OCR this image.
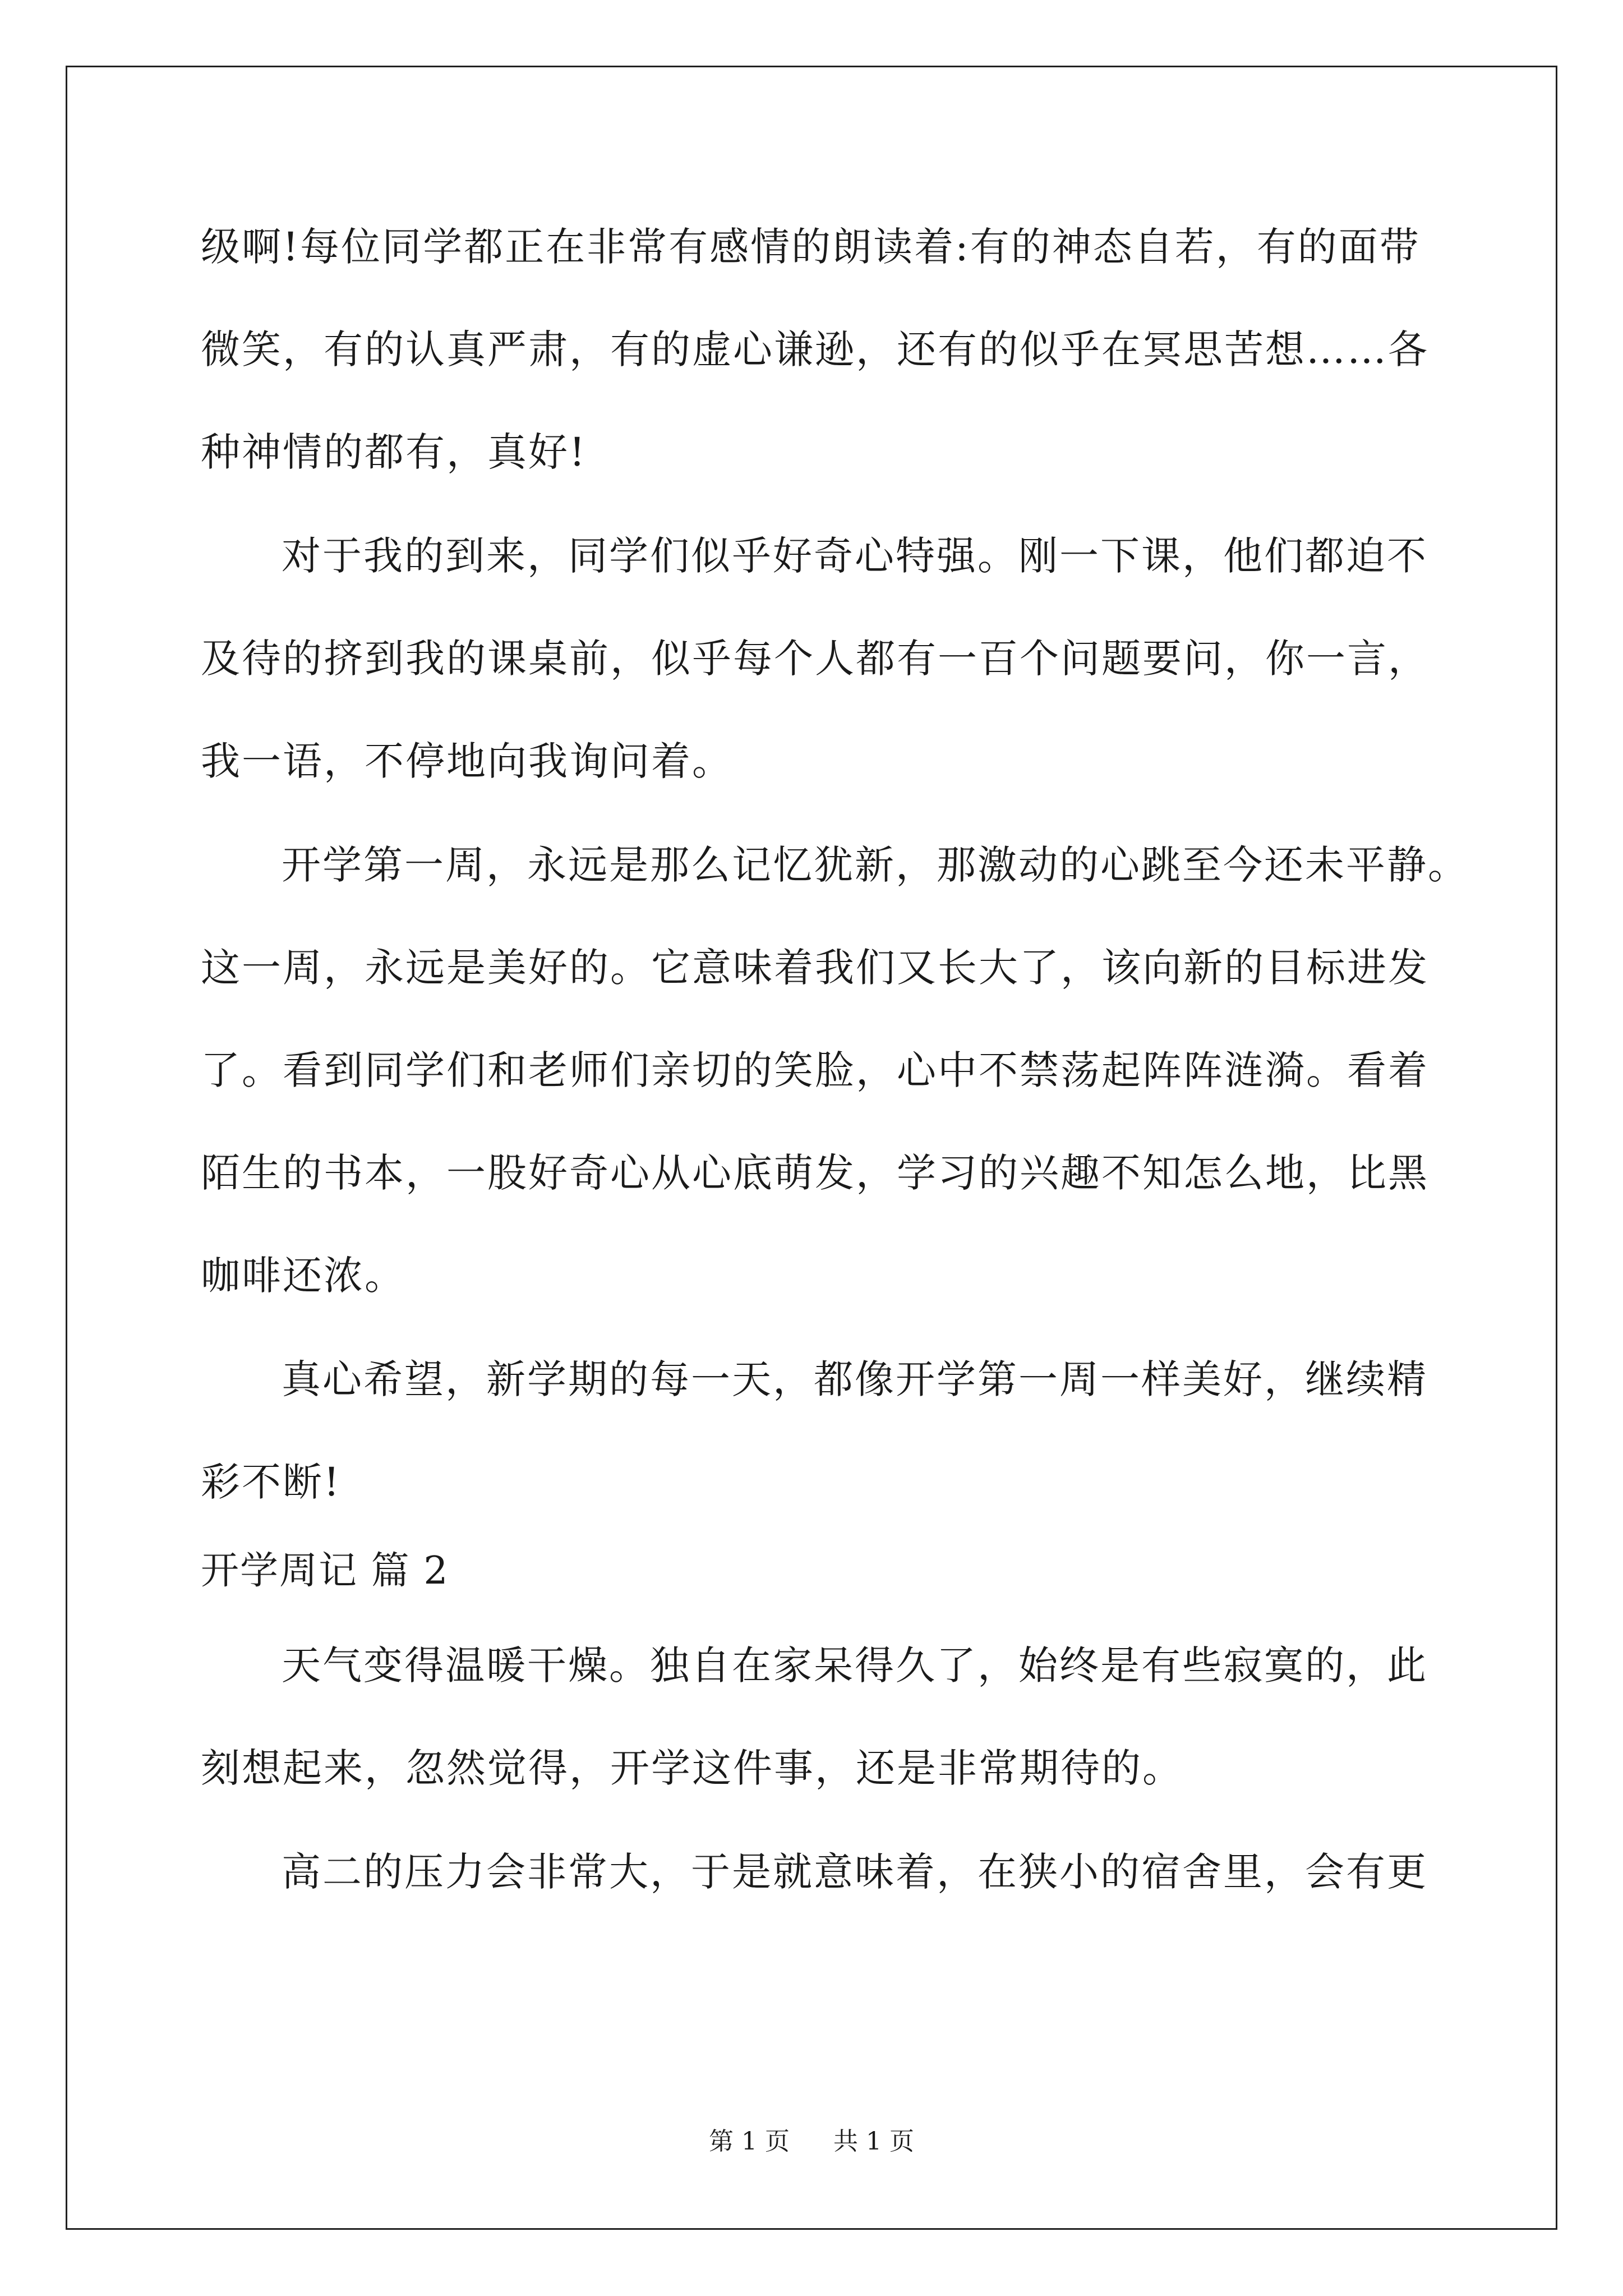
级啊!每位同学都正在非常有感情的朗读着:有的神态自若，有的面带
微笑，有的认真严肃，有的虚心谦逊，还有的似乎在冥思苦想……各
种神情的都有，真好!
对于我的到来，同学们似乎好奇心特强。刚一下课，他们都迫不
及待的挤到我的课桌前，似乎每个人都有一百个问题要问，你一言，
我一语，不停地向我询问着。
开学第一周，永远是那么记忆犹新，那激动的心跳至今还未平静。
这一周，永远是美好的。它意味着我们又长大了，该向新的目标进发
了。看到同学们和老师们亲切的笑脸，心中不禁荡起阵阵涟漪。看着
陌生的书本，一股好奇心从心底萌发，学习的兴趣不知怎么地，比黑
咖啡还浓。
真心希望，新学期的每一天，都像开学第一周一样美好，继续精
彩不断!
开学周记 篇 2
天气变得温暖干燥。独自在家呆得久了，始终是有些寂寞的，此
刻想起来，忽然觉得，开学这件事，还是非常期待的。
高二的压力会非常大，于是就意味着，在狭小的宿舍里，会有更
第 1 页 共 1 页
